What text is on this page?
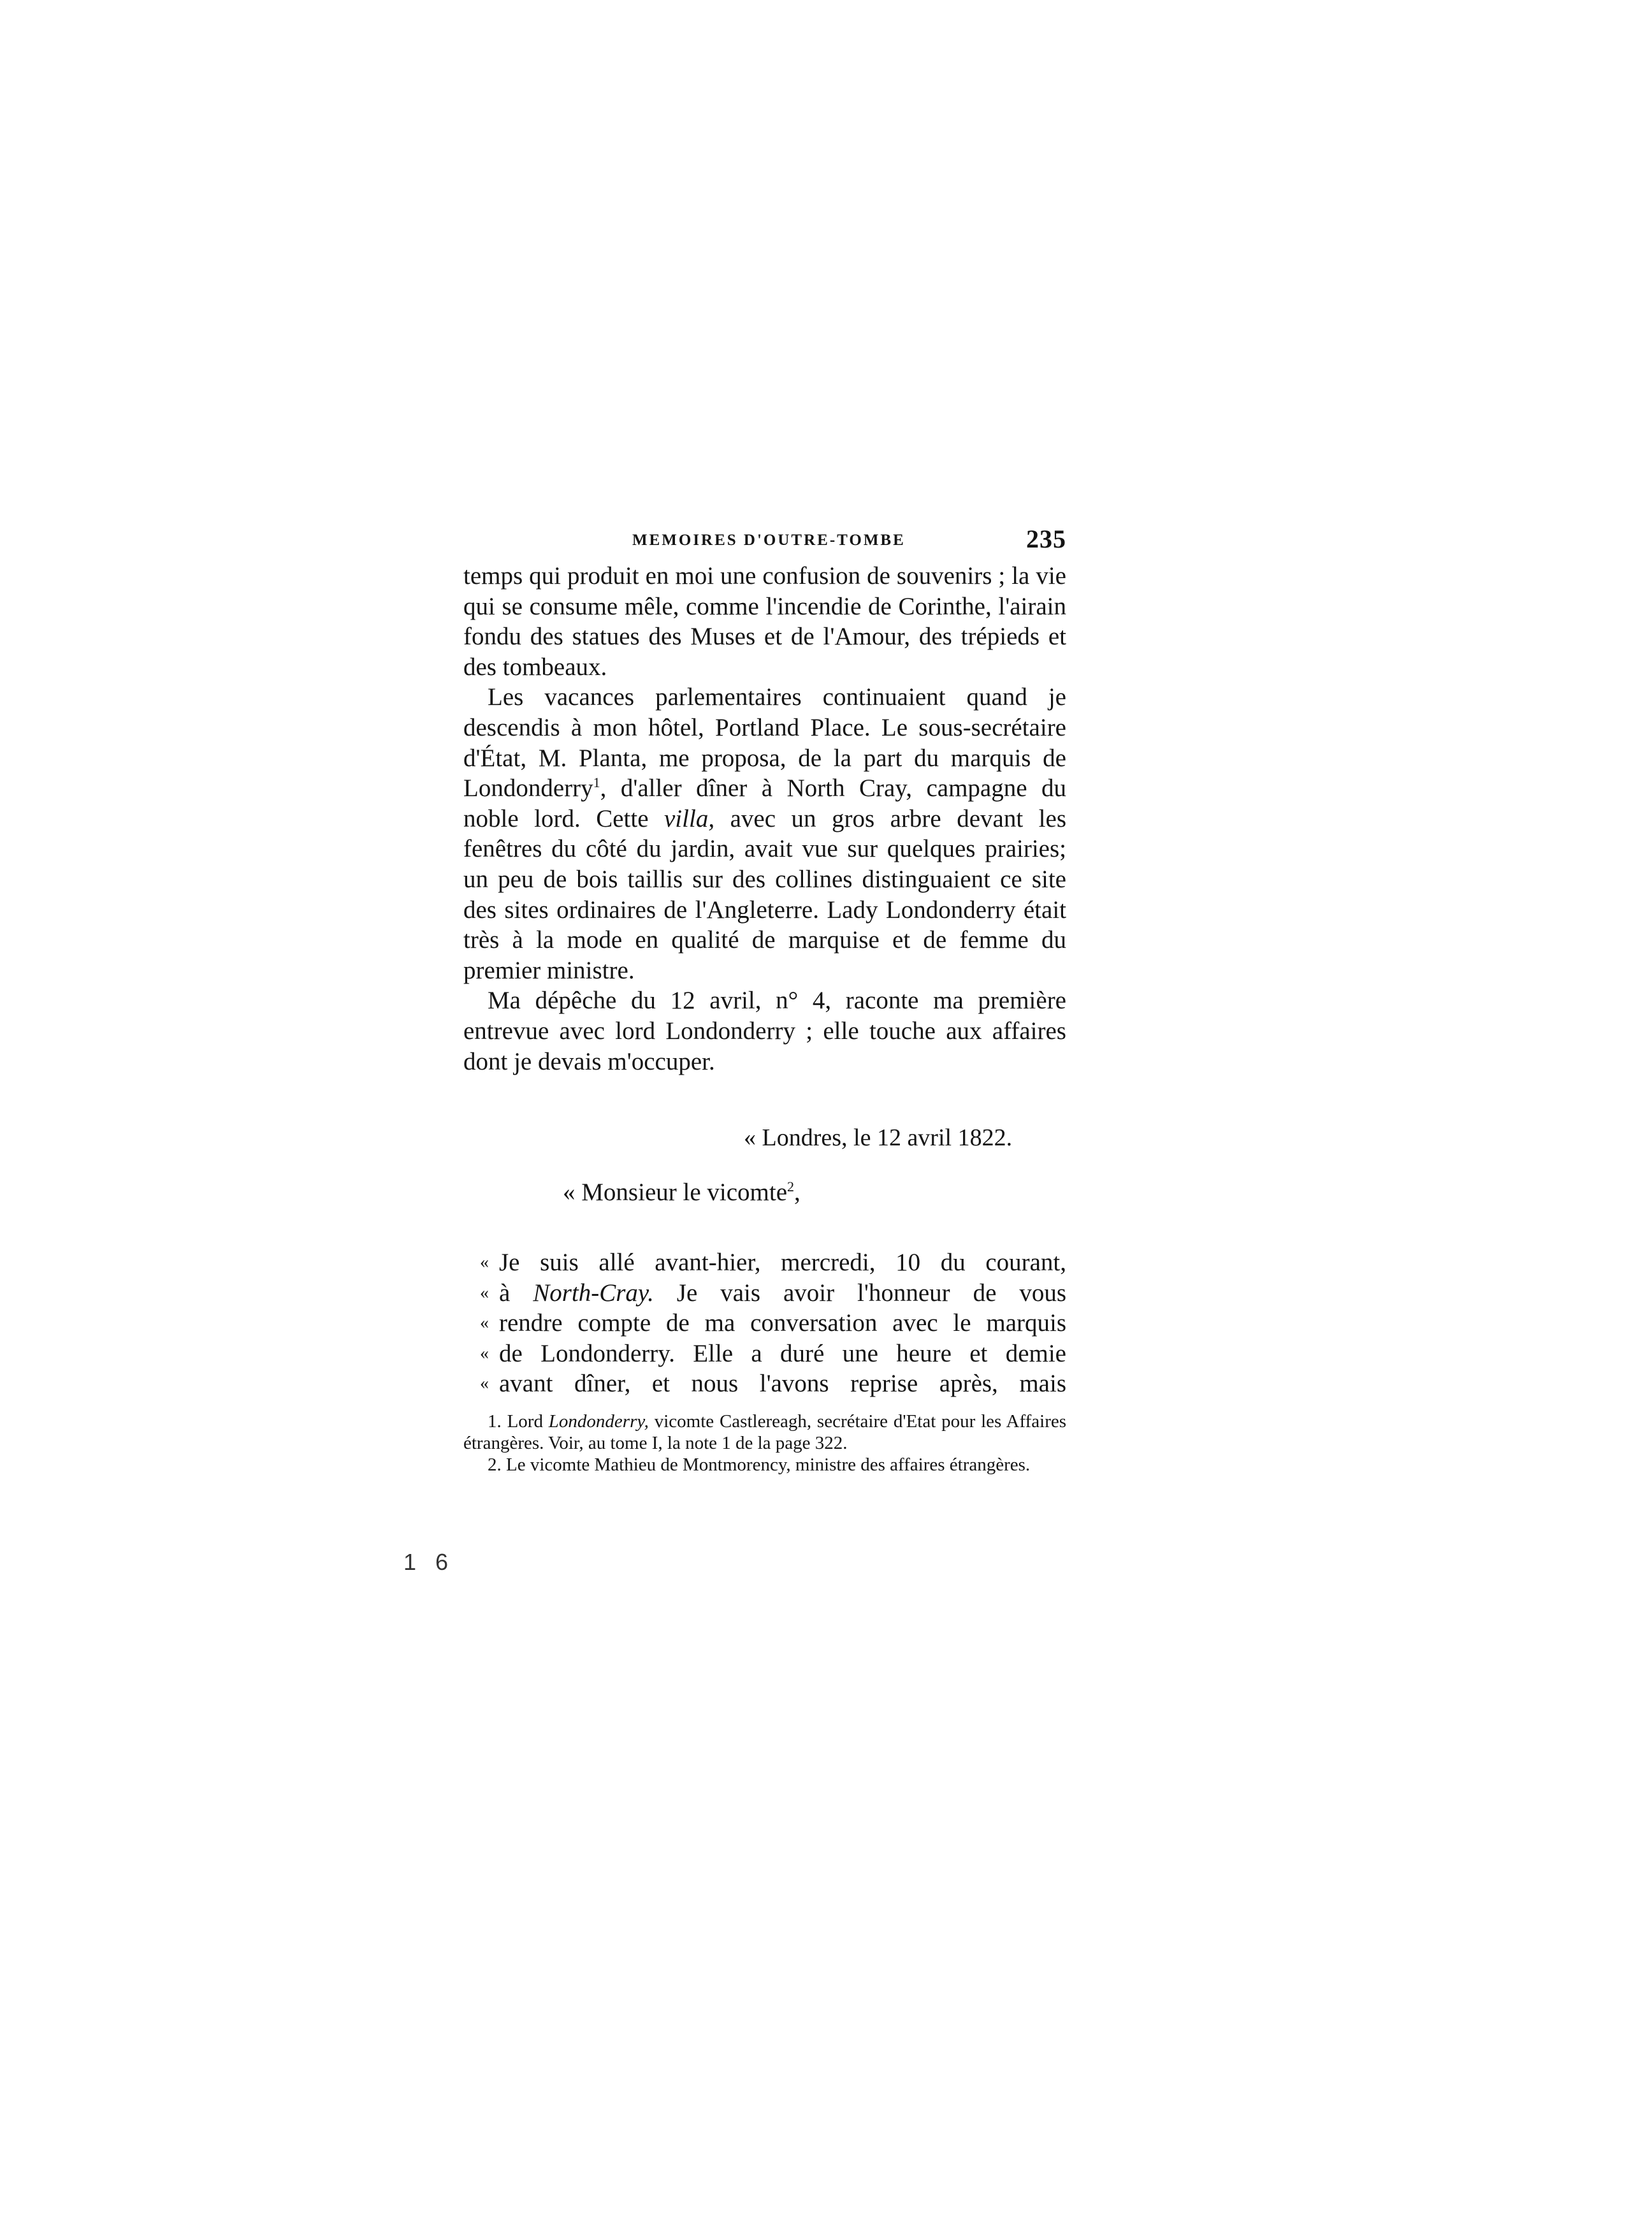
MEMOIRES D'OUTRE-TOMBE	235

temps qui produit en moi une confusion de souvenirs ; la vie qui se consume mêle, comme l'incendie de Corinthe, l'airain fondu des statues des Muses et de l'Amour, des trépieds et des tombeaux.

Les vacances parlementaires continuaient quand je descendis à mon hôtel, Portland Place. Le sous-secrétaire d'État, M. Planta, me proposa, de la part du marquis de Londonderry$^1$, d'aller dîner à North Cray, campagne du noble lord. Cette villa, avec un gros arbre devant les fenêtres du côté du jardin, avait vue sur quelques prairies; un peu de bois taillis sur des collines distinguaient ce site des sites ordinaires de l'Angleterre. Lady Londonderry était très à la mode en qualité de marquise et de femme du premier ministre.

Ma dépêche du 12 avril, n° 4, raconte ma première entrevue avec lord Londonderry ; elle touche aux affaires dont je devais m'occuper.

« Londres, le 12 avril 1822.
« Monsieur le vicomte$^2$,
« Je suis allé avant-hier, mercredi, 10 du courant,
« à North-Cray. Je vais avoir l'honneur de vous
« rendre compte de ma conversation avec le marquis
« de Londonderry. Elle a duré une heure et demie
« avant dîner, et nous l'avons reprise après, mais

1. Lord Londonderry, vicomte Castlereagh, secrétaire d'Etat pour les Affaires étrangères. Voir, au tome I, la note 1 de la page 322.

2. Le vicomte Mathieu de Montmorency, ministre des affaires étrangères.

1 6
